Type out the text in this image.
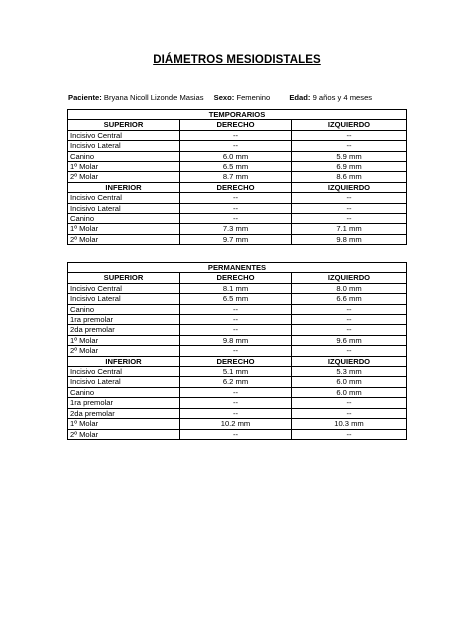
DIÁMETROS MESIODISTALES
Paciente: Bryana Nicoll Lizonde Masias Sexo: Femenino	Edad: 9 años y 4 meses
TEMPORARIOS		
SUPERIOR	DERECHO	IZQUIERDO
Incisivo Central	--	--
Incisivo Lateral	--	--
Canino	6.0 mm	5.9 mm
1º Molar	6.5 mm	6.9 mm
2º Molar	8.7 mm	8.6 mm
INFERIOR	DERECHO	IZQUIERDO
Incisivo Central	--	--
Incisivo Lateral	--	--
Canino	--	--
1º Molar	7.3 mm	7.1 mm
2º Molar	9.7 mm	9.8 mm
PERMANENTES		
SUPERIOR	DERECHO	IZQUIERDO
Incisivo Central	8.1 mm	8.0 mm
Incisivo Lateral	6.5 mm	6.6 mm
Canino	--	--
1ra premolar	--	--
2da premolar	--	--
1º Molar	9.8 mm	9.6 mm
2º Molar	--	--
INFERIOR	DERECHO	IZQUIERDO
Incisivo Central	5.1 mm	5.3 mm
Incisivo Lateral	6.2 mm	6.0 mm
Canino	--	6.0 mm
1ra premolar	--	--
2da premolar	--	--
1º Molar	10.2 mm	10.3 mm
2º Molar	--	--
